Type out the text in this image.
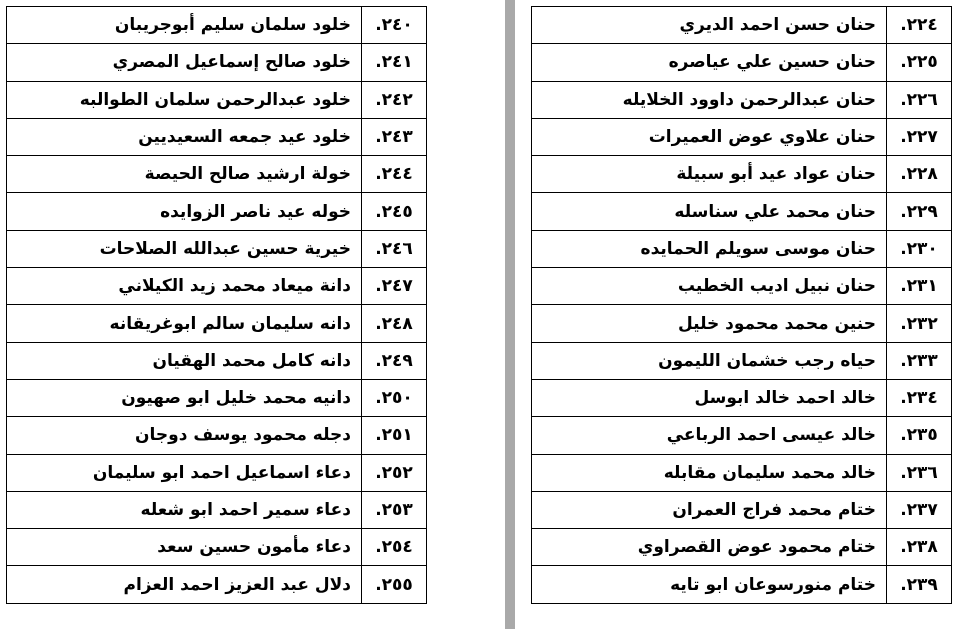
٢٤٠.	خلود سلمان سليم أبوجريبان
٢٤١.	خلود صالح إسماعيل المصري
٢٤٢.	خلود عبدالرحمن سلمان الطوالبه
٢٤٣.	خلود عيد جمعه السعيديين
٢٤٤.	خولة ارشيد صالح الحيصة
٢٤٥.	خوله عيد ناصر الزوايده
٢٤٦.	خيرية حسين عبدالله الصلاحات
٢٤٧.	دانة ميعاد محمد زيد الكيلاني
٢٤٨.	دانه سليمان سالم ابوغريقانه
٢٤٩.	دانه كامل محمد الهقيان
٢٥٠.	دانيه محمد خليل ابو صهيون
٢٥١.	دجله محمود يوسف دوجان
٢٥٢.	دعاء اسماعيل احمد ابو سليمان
٢٥٣.	دعاء سمير احمد ابو شعله
٢٥٤.	دعاء مأمون حسين سعد
٢٥٥.	دلال عبد العزيز احمد العزام
٢٢٤.	حنان حسن احمد الديري
٢٢٥.	حنان حسين علي عياصره
٢٢٦.	حنان عبدالرحمن داوود الخلايله
٢٢٧.	حنان علاوي عوض العميرات
٢٢٨.	حنان عواد عيد أبو سبيلة
٢٢٩.	حنان محمد علي سناسله
٢٣٠.	حنان موسى سويلم الحمايده
٢٣١.	حنان نبيل اديب الخطيب
٢٣٢.	حنين محمد محمود خليل
٢٣٣.	حياه رجب خشمان الليمون
٢٣٤.	خالد احمد خالد ابوسل
٢٣٥.	خالد عيسى احمد الرباعي
٢٣٦.	خالد محمد سليمان مقابله
٢٣٧.	ختام محمد فراج العمران
٢٣٨.	ختام محمود عوض القصراوي
٢٣٩.	ختام منورسوعان ابو تايه
